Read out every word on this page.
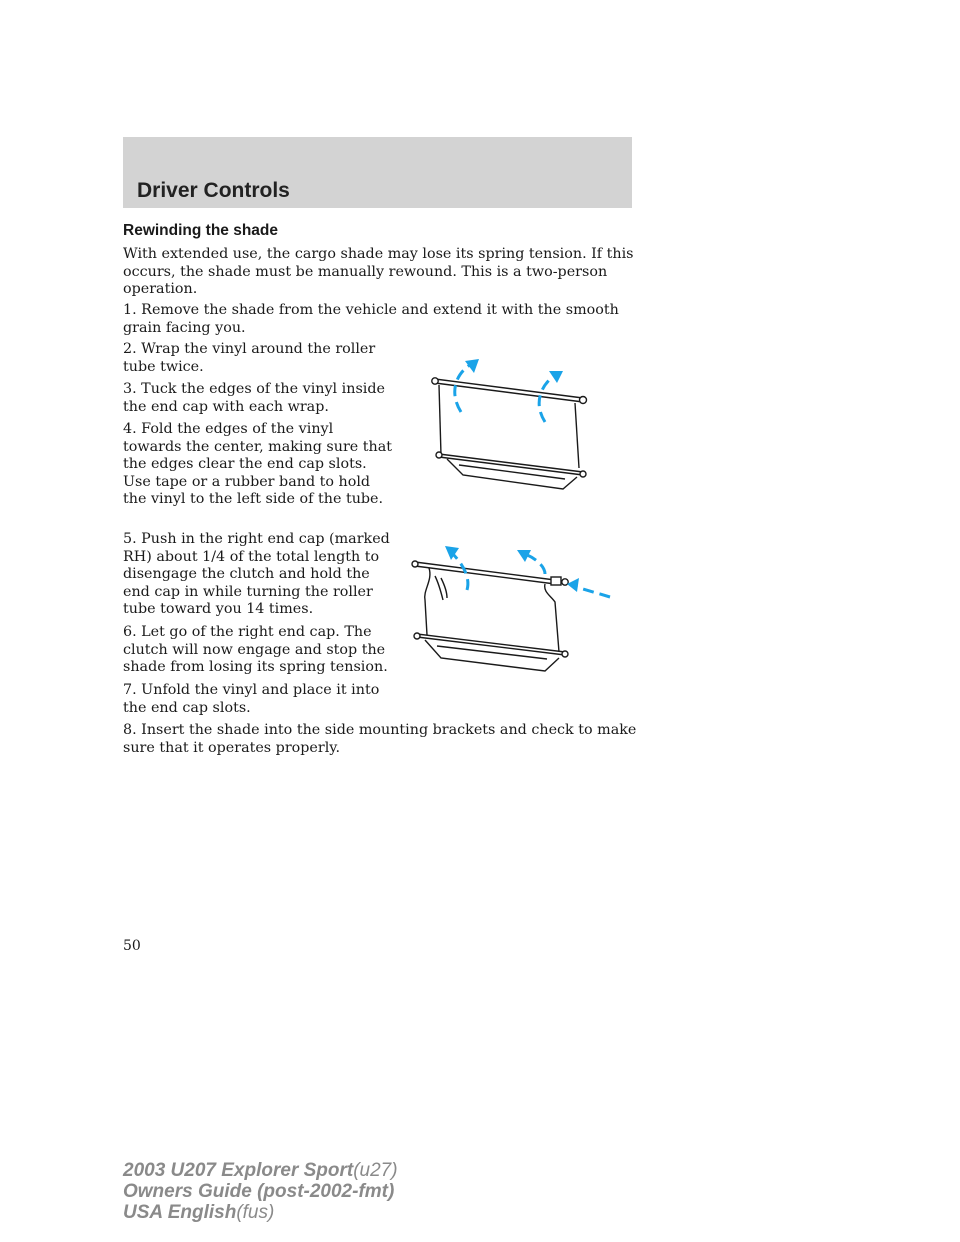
Driver Controls
Rewinding the shade

With extended use, the cargo shade may lose its spring tension. If this occurs, the shade must be manually rewound. This is a two-person operation.

1. Remove the shade from the vehicle and extend it with the smooth grain facing you.

2. Wrap the vinyl around the roller tube twice.

3. Tuck the edges of the vinyl inside the end cap with each wrap.

4. Fold the edges of the vinyl towards the center, making sure that the edges clear the end cap slots. Use tape or a rubber band to hold the vinyl to the left side of the tube.

5. Push in the right end cap (marked RH) about 1/4 of the total length to disengage the clutch and hold the end cap in while turning the roller tube toward you 14 times.

6. Let go of the right end cap. The clutch will now engage and stop the shade from losing its spring tension.

7. Unfold the vinyl and place it into the end cap slots.

8. Insert the shade into the side mounting brackets and check to make sure that it operates properly.

50
2003 U207 Explorer Sport(u27)
Owners Guide (post-2002-fmt)
USA English(fus)
